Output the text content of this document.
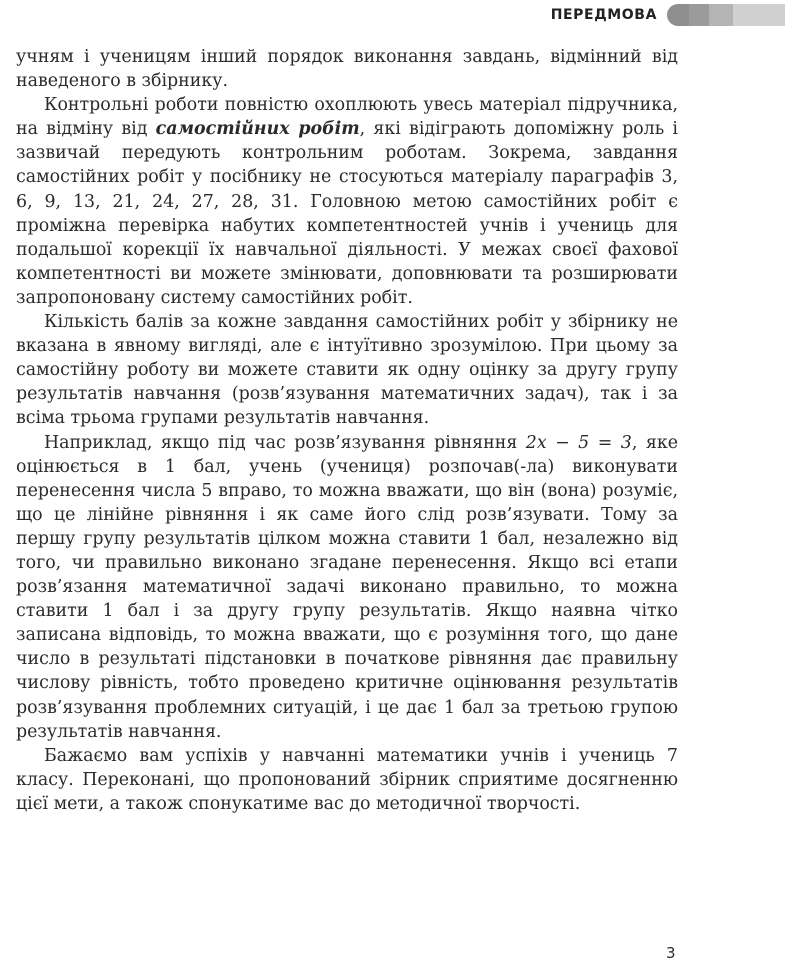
ПЕРЕДМОВА

учням і ученицям інший порядок виконання завдань, відмінний від наведеного в збірнику.

Контрольні роботи повністю охоплюють увесь матеріал підручника, на відміну від самостійних робіт, які відіграють допоміжну роль і зазвичай передують контрольним роботам. Зокрема, завдання самостійних робіт у посібнику не стосуються матеріалу параграфів 3, 6, 9, 13, 21, 24, 27, 28, 31. Головною метою самостійних робіт є проміжна перевірка набутих компетентностей учнів і учениць для подальшої корекції їх навчальної діяльності. У межах своєї фахової компетентності ви можете змінювати, доповнювати та розширювати запропоновану систему самостійних робіт.

Кількість балів за кожне завдання самостійних робіт у збірнику не вказана в явному вигляді, але є інтуїтивно зрозумілою. При цьому за самостійну роботу ви можете ставити як одну оцінку за другу групу результатів навчання (розв’язування математичних задач), так і за всіма трьома групами результатів навчання.

Наприклад, якщо під час розв’язування рівняння 2x − 5 = 3, яке оцінюється в 1 бал, учень (учениця) розпочав(-ла) виконувати перенесення числа 5 вправо, то можна вважати, що він (вона) розуміє, що це лінійне рівняння і як саме його слід розв’язувати. Тому за першу групу результатів цілком можна ставити 1 бал, незалежно від того, чи правильно виконано згадане перенесення. Якщо всі етапи розв’язання математичної задачі виконано правильно, то можна ставити 1 бал і за другу групу результатів. Якщо наявна чітко записана відповідь, то можна вважати, що є розуміння того, що дане число в результаті підстановки в початкове рівняння дає правильну числову рівність, тобто проведено критичне оцінювання результатів розв’язування проблемних ситуацій, і це дає 1 бал за третьою групою результатів навчання.

Бажаємо вам успіхів у навчанні математики учнів і учениць 7 класу. Переконані, що пропонований збірник сприятиме досягненню цієї мети, а також спонукатиме вас до методичної творчості.

3
